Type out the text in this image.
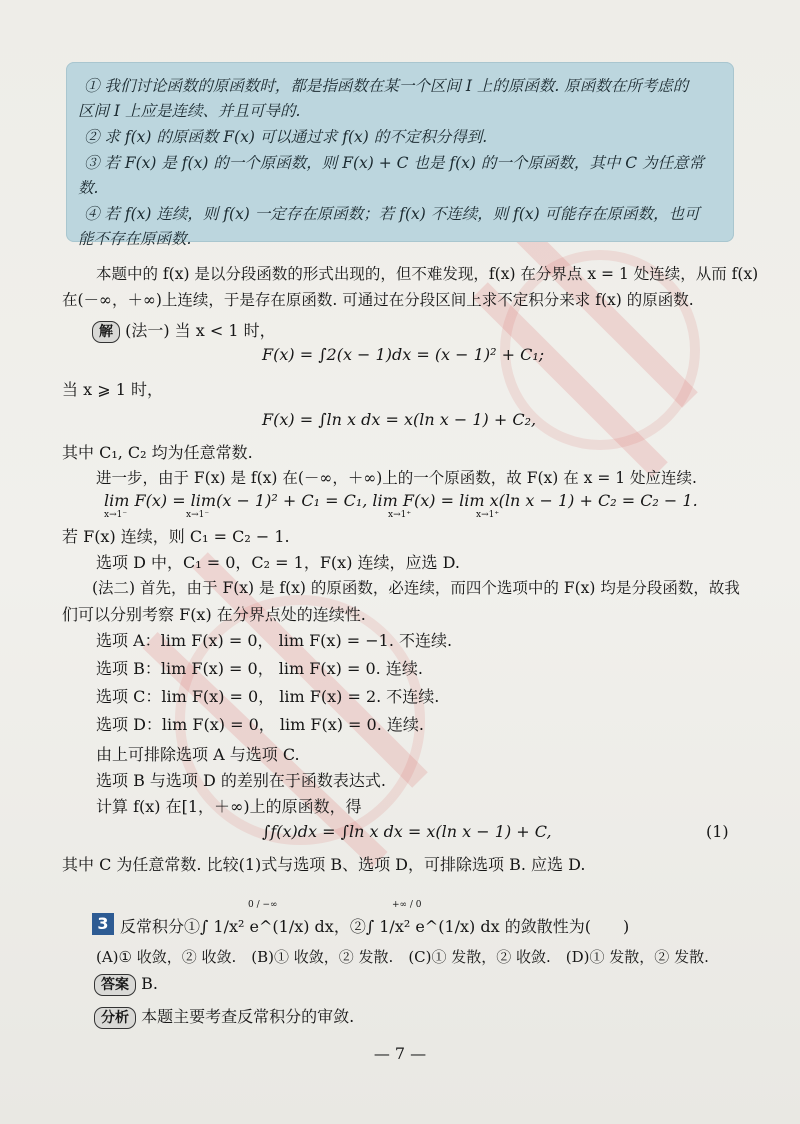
① 我们讨论函数的原函数时，都是指函数在某一个区间 I 上的原函数. 原函数在所考虑的
区间 I 上应是连续、并且可导的.
② 求 f(x) 的原函数 F(x) 可以通过求 f(x) 的不定积分得到.
③ 若 F(x) 是 f(x) 的一个原函数，则 F(x) + C 也是 f(x) 的一个原函数，其中 C 为任意常
数.
④ 若 f(x) 连续，则 f(x) 一定存在原函数；若 f(x) 不连续，则 f(x) 可能存在原函数，也可
能不存在原函数.
本题中的 f(x) 是以分段函数的形式出现的，但不难发现，f(x) 在分界点 x = 1 处连续，从而 f(x)
在(－∞，＋∞)上连续，于是存在原函数. 可通过在分段区间上求不定积分来求 f(x) 的原函数.
解 (法一) 当 x < 1 时，
F(x) = ∫2(x − 1)dx = (x − 1)² + C₁;
当 x ⩾ 1 时，
F(x) = ∫ln x dx = x(ln x − 1) + C₂,
其中 C₁, C₂ 均为任意常数.
进一步，由于 F(x) 是 f(x) 在(－∞，＋∞)上的一个原函数，故 F(x) 在 x = 1 处应连续.
lim F(x) = lim(x − 1)² + C₁ = C₁, lim F(x) = lim x(ln x − 1) + C₂ = C₂ − 1.
x→1⁻	x→1⁻	x→1⁺	x→1⁺
若 F(x) 连续，则 C₁ = C₂ − 1.
选项 D 中，C₁ = 0，C₂ = 1，F(x) 连续，应选 D.
(法二) 首先，由于 F(x) 是 f(x) 的原函数，必连续，而四个选项中的 F(x) 均是分段函数，故我
们可以分别考察 F(x) 在分界点处的连续性.
选项 A：lim F(x) = 0， lim F(x) = −1. 不连续.
选项 B：lim F(x) = 0， lim F(x) = 0. 连续.
选项 C：lim F(x) = 0， lim F(x) = 2. 不连续.
选项 D：lim F(x) = 0， lim F(x) = 0. 连续.
由上可排除选项 A 与选项 C.
选项 B 与选项 D 的差别在于函数表达式.
计算 f(x) 在[1，＋∞)上的原函数，得
∫f(x)dx = ∫ln x dx = x(ln x − 1) + C,	(1)
其中 C 为任意常数. 比较(1)式与选项 B、选项 D，可排除选项 B. 应选 D.
3 反常积分①∫ 1/x² e^(1/x) dx，②∫ 1/x² e^(1/x) dx 的敛散性为(　　)
0 / −∞	+∞ / 0
(A)① 收敛，② 收敛.　(B)① 收敛，② 发散.　(C)① 发散，② 收敛.　(D)① 发散，② 发散.
答案 B.
分析 本题主要考查反常积分的审敛.
— 7 —
